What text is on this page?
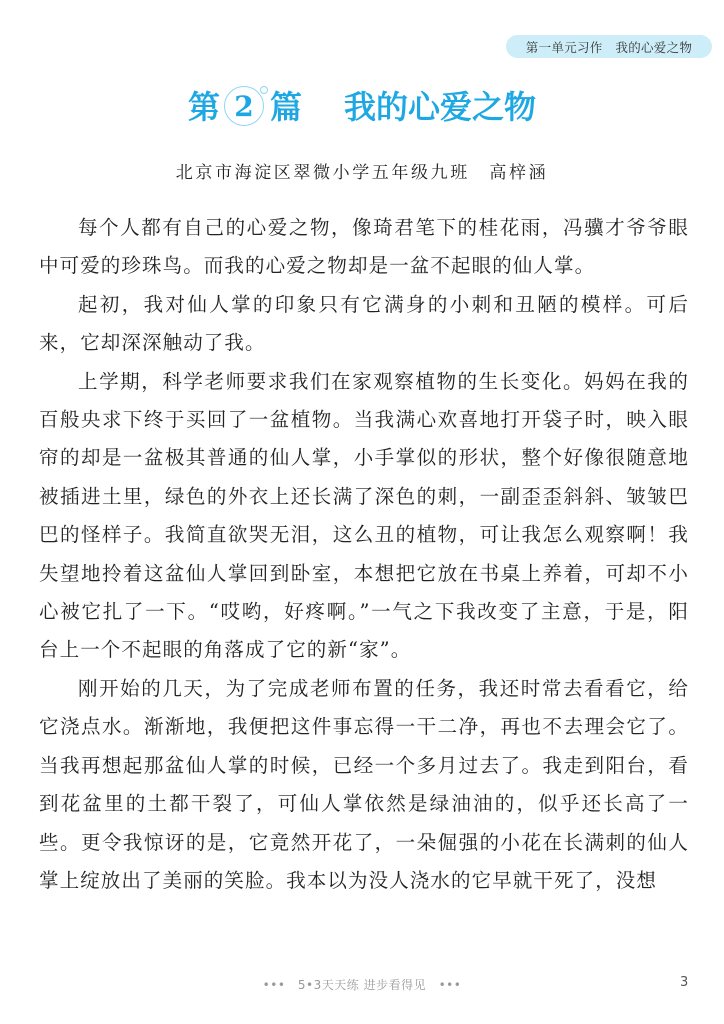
第一单元习作　我的心爱之物
第 2 篇 我的心爱之物
北京市海淀区翠微小学五年级九班　高梓涵

每个人都有自己的心爱之物，像琦君笔下的桂花雨，冯骥才爷爷眼中可爱的珍珠鸟。而我的心爱之物却是一盆不起眼的仙人掌。

起初，我对仙人掌的印象只有它满身的小刺和丑陋的模样。可后来，它却深深触动了我。

上学期，科学老师要求我们在家观察植物的生长变化。妈妈在我的百般央求下终于买回了一盆植物。当我满心欢喜地打开袋子时，映入眼帘的却是一盆极其普通的仙人掌，小手掌似的形状，整个好像很随意地被插进土里，绿色的外衣上还长满了深色的刺，一副歪歪斜斜、皱皱巴巴的怪样子。我简直欲哭无泪，这么丑的植物，可让我怎么观察啊！我失望地拎着这盆仙人掌回到卧室，本想把它放在书桌上养着，可却不小心被它扎了一下。“哎哟，好疼啊。”一气之下我改变了主意，于是，阳台上一个不起眼的角落成了它的新“家”。

刚开始的几天，为了完成老师布置的任务，我还时常去看看它，给它浇点水。渐渐地，我便把这件事忘得一干二净，再也不去理会它了。当我再想起那盆仙人掌的时候，已经一个多月过去了。我走到阳台，看到花盆里的土都干裂了，可仙人掌依然是绿油油的，似乎还长高了一些。更令我惊讶的是，它竟然开花了，一朵倔强的小花在长满刺的仙人掌上绽放出了美丽的笑脸。我本以为没人浇水的它早就干死了，没想

•••　5•3天天练 进步看得见　•••	3
